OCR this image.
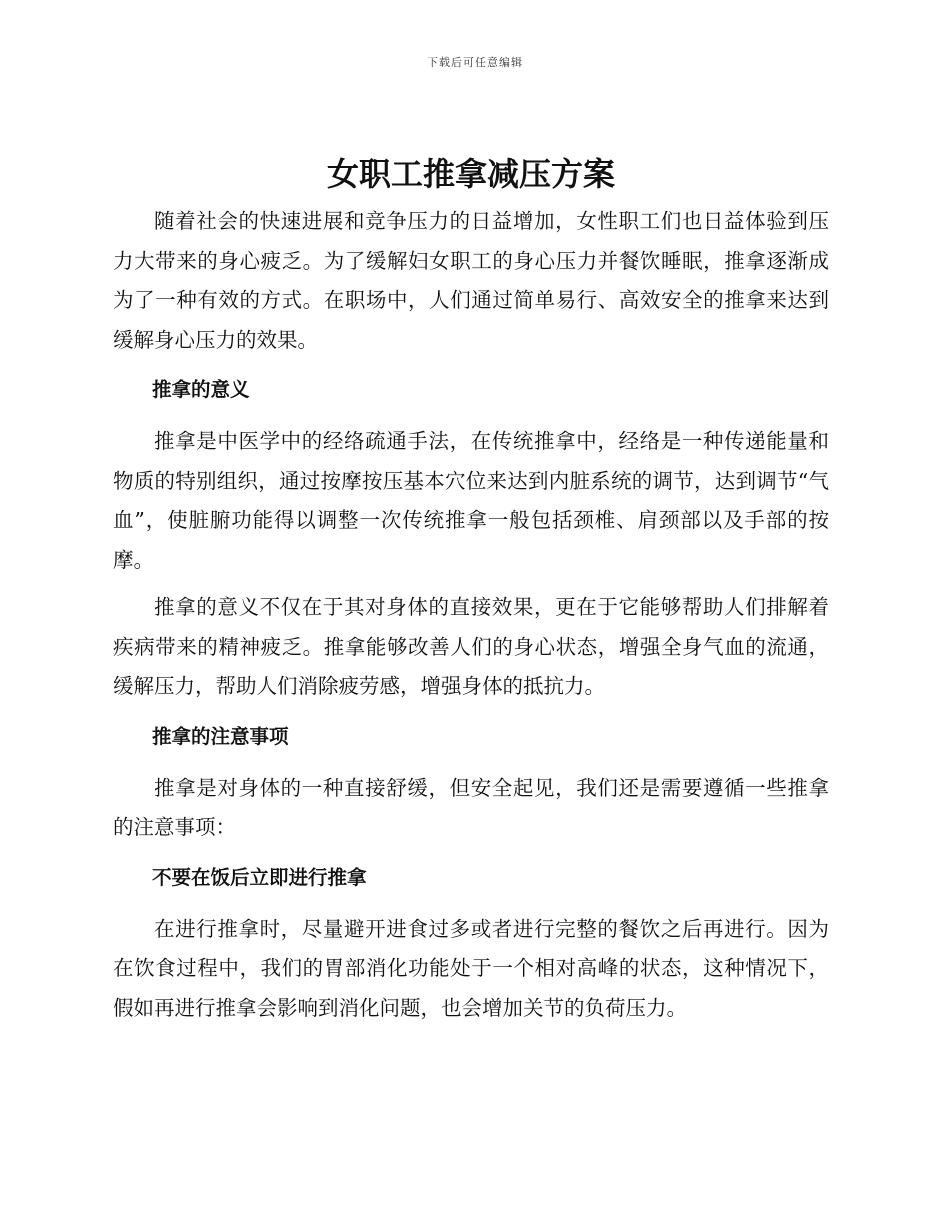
下载后可任意编辑
女职工推拿减压方案

随着社会的快速进展和竞争压力的日益增加，女性职工们也日益体验到压力大带来的身心疲乏。为了缓解妇女职工的身心压力并餐饮睡眠，推拿逐渐成为了一种有效的方式。在职场中，人们通过简单易行、高效安全的推拿来达到缓解身心压力的效果。

推拿的意义

推拿是中医学中的经络疏通手法，在传统推拿中，经络是一种传递能量和物质的特别组织，通过按摩按压基本穴位来达到内脏系统的调节，达到调节“气血”，使脏腑功能得以调整一次传统推拿一般包括颈椎、肩颈部以及手部的按摩。

推拿的意义不仅在于其对身体的直接效果，更在于它能够帮助人们排解着疾病带来的精神疲乏。推拿能够改善人们的身心状态，增强全身气血的流通，缓解压力，帮助人们消除疲劳感，增强身体的抵抗力。

推拿的注意事项

推拿是对身体的一种直接舒缓，但安全起见，我们还是需要遵循一些推拿的注意事项：

不要在饭后立即进行推拿

在进行推拿时，尽量避开进食过多或者进行完整的餐饮之后再进行。因为在饮食过程中，我们的胃部消化功能处于一个相对高峰的状态，这种情况下，假如再进行推拿会影响到消化问题，也会增加关节的负荷压力。
